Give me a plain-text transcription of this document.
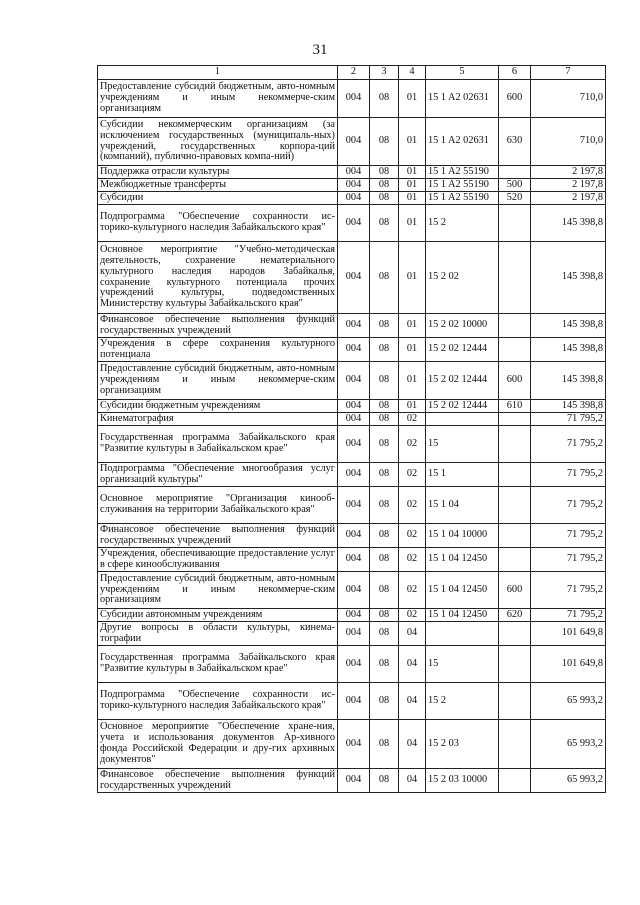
31
1	2	3	4	5	6	7
Предоставление субсидий бюджетным, авто-номным учреждениям и иным некоммерче-ским организациям	004	08	01	15 1 A2 02631	600	710,0
Субсидии некоммерческим организациям (за исключением государственных (муниципаль-ных) учреждений, государственных корпора-ций (компаний), публично-правовых компа-ний)	004	08	01	15 1 A2 02631	630	710,0
Поддержка отрасли культуры	004	08	01	15 1 A2 55190		2 197,8
Межбюджетные трансферты	004	08	01	15 1 A2 55190	500	2 197,8
Субсидии	004	08	01	15 1 A2 55190	520	2 197,8
Подпрограмма "Обеспечение сохранности ис-торико-культурного наследия Забайкальского края"	004	08	01	15 2		145 398,8
Основное мероприятие "Учебно-методическая деятельность, сохранение нематериального культурного наследия народов Забайкалья, сохранение культурного потенциала прочих учреждений культуры, подведомственных Министерству культуры Забайкальского края"	004	08	01	15 2 02		145 398,8
Финансовое обеспечение выполнения функций государственных учреждений	004	08	01	15 2 02 10000		145 398,8
Учреждения в сфере сохранения культурного потенциала	004	08	01	15 2 02 12444		145 398,8
Предоставление субсидий бюджетным, авто-номным учреждениям и иным некоммерче-ским организациям	004	08	01	15 2 02 12444	600	145 398,8
Субсидии бюджетным учреждениям	004	08	01	15 2 02 12444	610	145 398,8
Кинематография	004	08	02			71 795,2
Государственная программа Забайкальского края "Развитие культуры в Забайкальском крае"	004	08	02	15		71 795,2
Подпрограмма "Обеспечение многообразия услуг организаций культуры"	004	08	02	15 1		71 795,2
Основное мероприятие "Организация кинооб-служивания на территории Забайкальского края"	004	08	02	15 1 04		71 795,2
Финансовое обеспечение выполнения функций государственных учреждений	004	08	02	15 1 04 10000		71 795,2
Учреждения, обеспечивающие предоставление услуг в сфере кинообслуживания	004	08	02	15 1 04 12450		71 795,2
Предоставление субсидий бюджетным, авто-номным учреждениям и иным некоммерче-ским организациям	004	08	02	15 1 04 12450	600	71 795,2
Субсидии автономным учреждениям	004	08	02	15 1 04 12450	620	71 795,2
Другие вопросы в области культуры, кинема-тографии	004	08	04			101 649,8
Государственная программа Забайкальского края "Развитие культуры в Забайкальском крае"	004	08	04	15		101 649,8
Подпрограмма "Обеспечение сохранности ис-торико-культурного наследия Забайкальского края"	004	08	04	15 2		65 993,2
Основное мероприятие "Обеспечение хране-ния, учета и использования документов Ар-хивного фонда Российской Федерации и дру-гих архивных документов"	004	08	04	15 2 03		65 993,2
Финансовое обеспечение выполнения функций государственных учреждений	004	08	04	15 2 03 10000		65 993,2
